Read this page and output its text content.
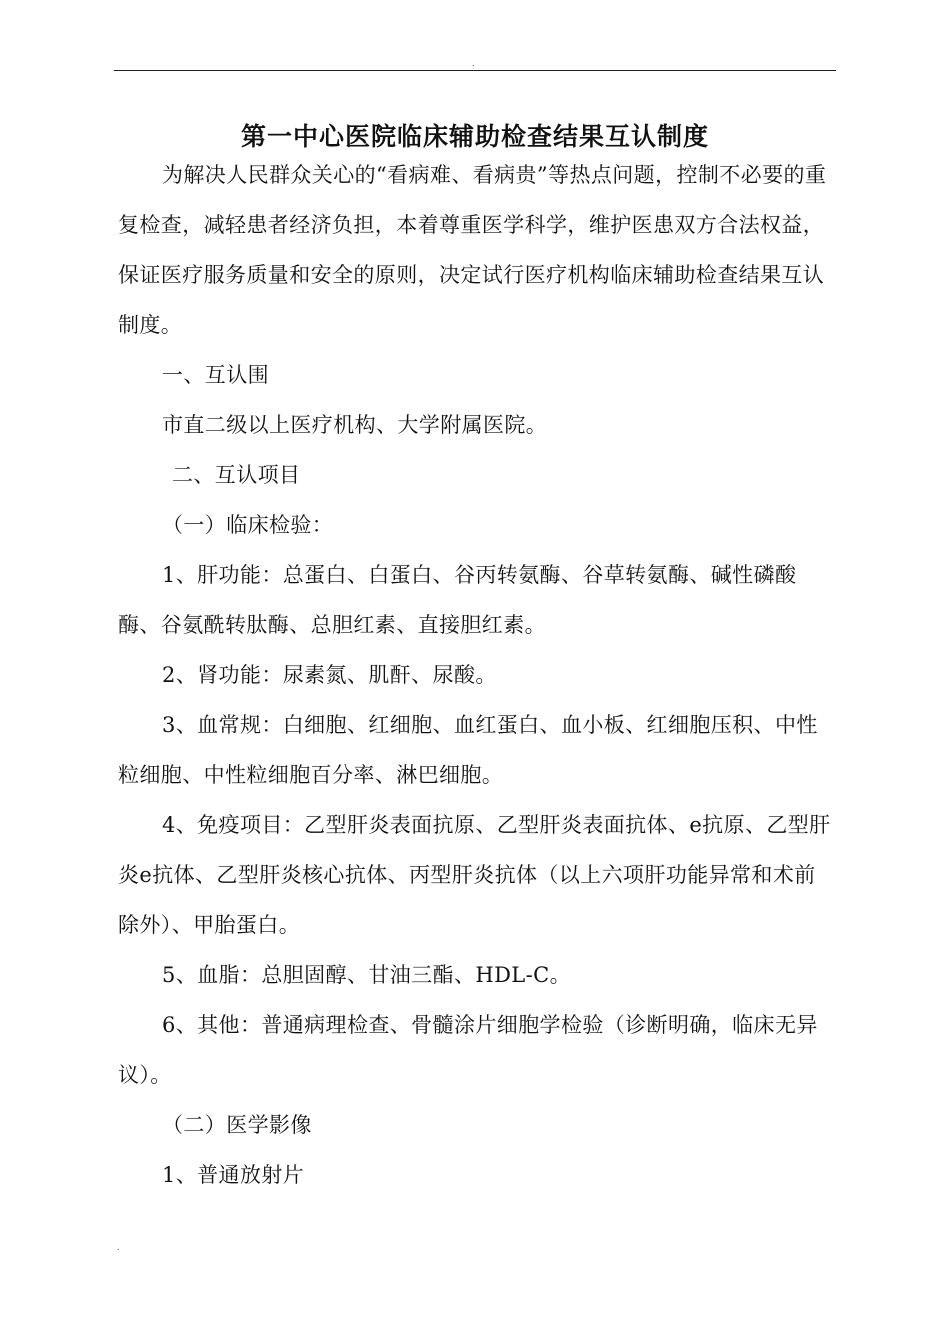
.
第一中心医院临床辅助检查结果互认制度

为解决人民群众关心的“看病难、看病贵”等热点问题，控制不必要的重复检查，减轻患者经济负担，本着尊重医学科学，维护医患双方合法权益，保证医疗服务质量和安全的原则，决定试行医疗机构临床辅助检查结果互认制度。

一、互认围

市直二级以上医疗机构、大学附属医院。

二、互认项目

（一）临床检验：

1、肝功能：总蛋白、白蛋白、谷丙转氨酶、谷草转氨酶、碱性磷酸酶、谷氨酰转肽酶、总胆红素、直接胆红素。

2、肾功能：尿素氮、肌酐、尿酸。

3、血常规：白细胞、红细胞、血红蛋白、血小板、红细胞压积、中性粒细胞、中性粒细胞百分率、淋巴细胞。

4、免疫项目：乙型肝炎表面抗原、乙型肝炎表面抗体、e抗原、乙型肝炎e抗体、乙型肝炎核心抗体、丙型肝炎抗体（以上六项肝功能异常和术前除外）、甲胎蛋白。

5、血脂：总胆固醇、甘油三酯、HDL-C。

6、其他：普通病理检查、骨髓涂片细胞学检验（诊断明确，临床无异议）。

（二）医学影像

1、普通放射片

.
